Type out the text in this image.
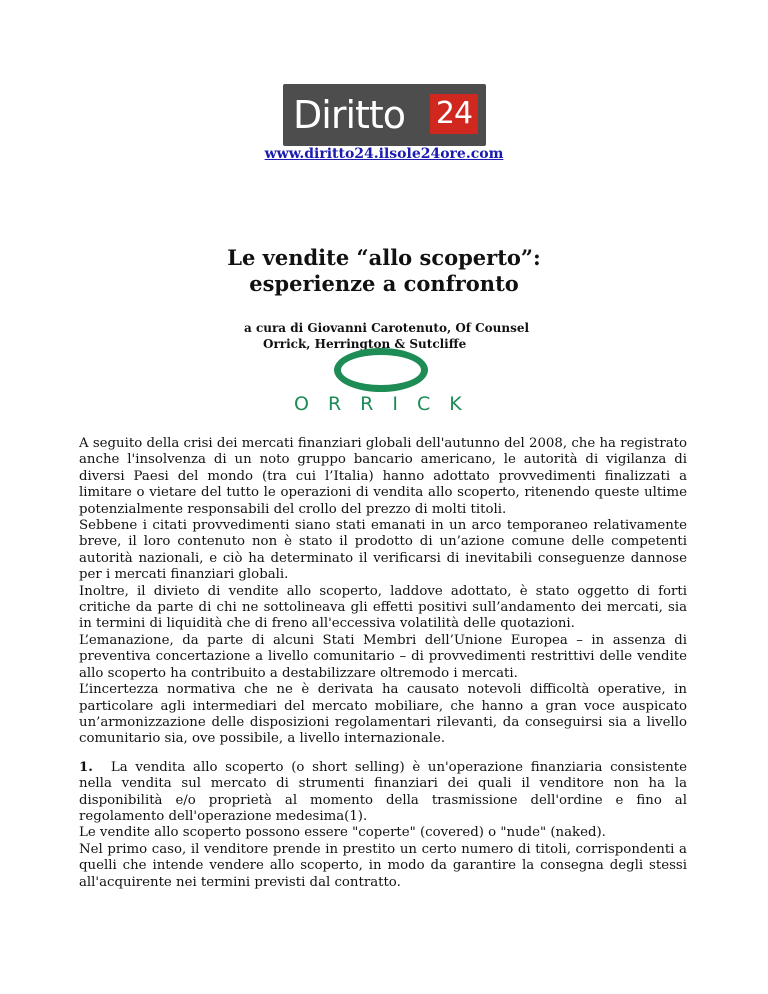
Diritto 24
www.diritto24.ilsole24ore.com
Le vendite “allo scoperto”:
esperienze a confronto
a cura di Giovanni Carotenuto, Of Counsel
Orrick, Herrington & Sutcliffe
ORRICK

A seguito della crisi dei mercati finanziari globali dell'autunno del 2008, che ha registrato anche l'insolvenza di un noto gruppo bancario americano, le autorità di vigilanza di diversi Paesi del mondo (tra cui l’Italia) hanno adottato provvedimenti finalizzati a limitare o vietare del tutto le operazioni di vendita allo scoperto, ritenendo queste ultime potenzialmente responsabili del crollo del prezzo di molti titoli.

Sebbene i citati provvedimenti siano stati emanati in un arco temporaneo relativamente breve, il loro contenuto non è stato il prodotto di un’azione comune delle competenti autorità nazionali, e ciò ha determinato il verificarsi di inevitabili conseguenze dannose per i mercati finanziari globali.

Inoltre, il divieto di vendite allo scoperto, laddove adottato, è stato oggetto di forti critiche da parte di chi ne sottolineava gli effetti positivi sull’andamento dei mercati, sia in termini di liquidità che di freno all'eccessiva volatilità delle quotazioni.

L’emanazione, da parte di alcuni Stati Membri dell’Unione Europea – in assenza di preventiva concertazione a livello comunitario – di provvedimenti restrittivi delle vendite allo scoperto ha contribuito a destabilizzare oltremodo i mercati.

L’incertezza normativa che ne è derivata ha causato notevoli difficoltà operative, in particolare agli intermediari del mercato mobiliare, che hanno a gran voce auspicato un’armonizzazione delle disposizioni regolamentari rilevanti, da conseguirsi sia a livello comunitario sia, ove possibile, a livello internazionale.

1. La vendita allo scoperto (o short selling) è un'operazione finanziaria consistente nella vendita sul mercato di strumenti finanziari dei quali il venditore non ha la disponibilità e/o proprietà al momento della trasmissione dell'ordine e fino al regolamento dell'operazione medesima(1).

Le vendite allo scoperto possono essere "coperte" (covered) o "nude" (naked).

Nel primo caso, il venditore prende in prestito un certo numero di titoli, corrispondenti a quelli che intende vendere allo scoperto, in modo da garantire la consegna degli stessi all'acquirente nei termini previsti dal contratto.
